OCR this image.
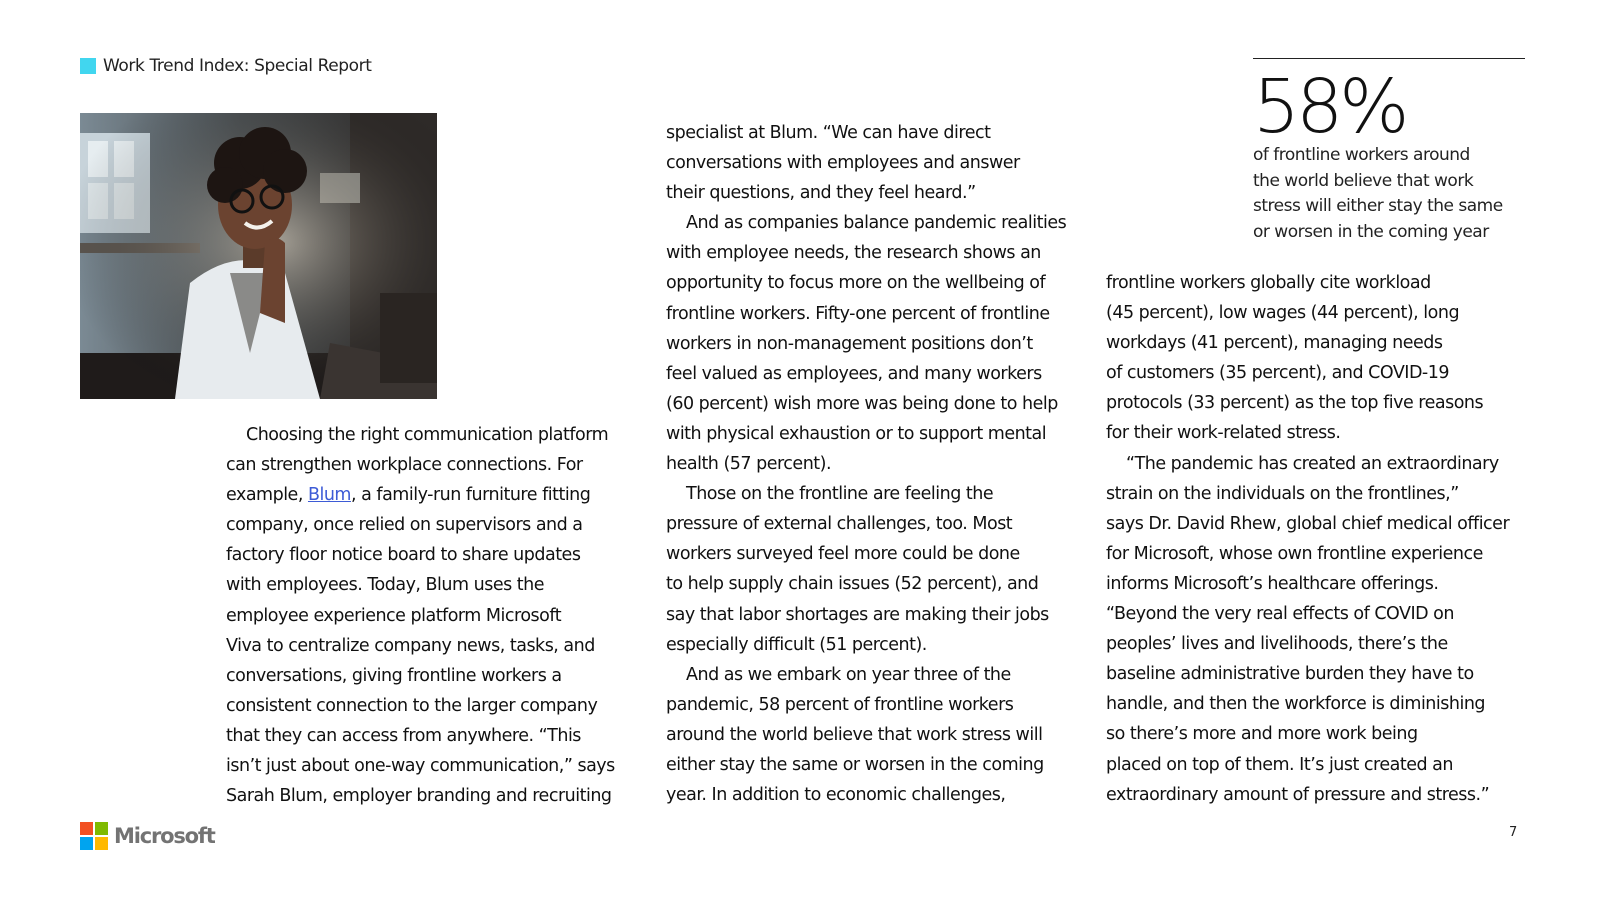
Work Trend Index: Special Report
Choosing the right communication platform
can strengthen workplace connections. For
example, Blum, a family-run furniture fitting
company, once relied on supervisors and a
factory floor notice board to share updates
with employees. Today, Blum uses the
employee experience platform Microsoft
Viva to centralize company news, tasks, and
conversations, giving frontline workers a
consistent connection to the larger company
that they can access from anywhere. “This
isn’t just about one-way communication,” says
Sarah Blum, employer branding and recruiting
specialist at Blum. “We can have direct
conversations with employees and answer
their questions, and they feel heard.”
And as companies balance pandemic realities
with employee needs, the research shows an
opportunity to focus more on the wellbeing of
frontline workers. Fifty-one percent of frontline
workers in non-management positions don’t
feel valued as employees, and many workers
(60 percent) wish more was being done to help
with physical exhaustion or to support mental
health (57 percent).
Those on the frontline are feeling the
pressure of external challenges, too. Most
workers surveyed feel more could be done
to help supply chain issues (52 percent), and
say that labor shortages are making their jobs
especially difficult (51 percent).
And as we embark on year three of the
pandemic, 58 percent of frontline workers
around the world believe that work stress will
either stay the same or worsen in the coming
year. In addition to economic challenges,
58%
of frontline workers around
the world believe that work
stress will either stay the same
or worsen in the coming year
frontline workers globally cite workload
(45 percent), low wages (44 percent), long
workdays (41 percent), managing needs
of customers (35 percent), and COVID-19
protocols (33 percent) as the top five reasons
for their work-related stress.
“The pandemic has created an extraordinary
strain on the individuals on the frontlines,”
says Dr. David Rhew, global chief medical officer
for Microsoft, whose own frontline experience
informs Microsoft’s healthcare offerings.
“Beyond the very real effects of COVID on
peoples’ lives and livelihoods, there’s the
baseline administrative burden they have to
handle, and then the workforce is diminishing
so there’s more and more work being
placed on top of them. It’s just created an
extraordinary amount of pressure and stress.”
Microsoft	7
